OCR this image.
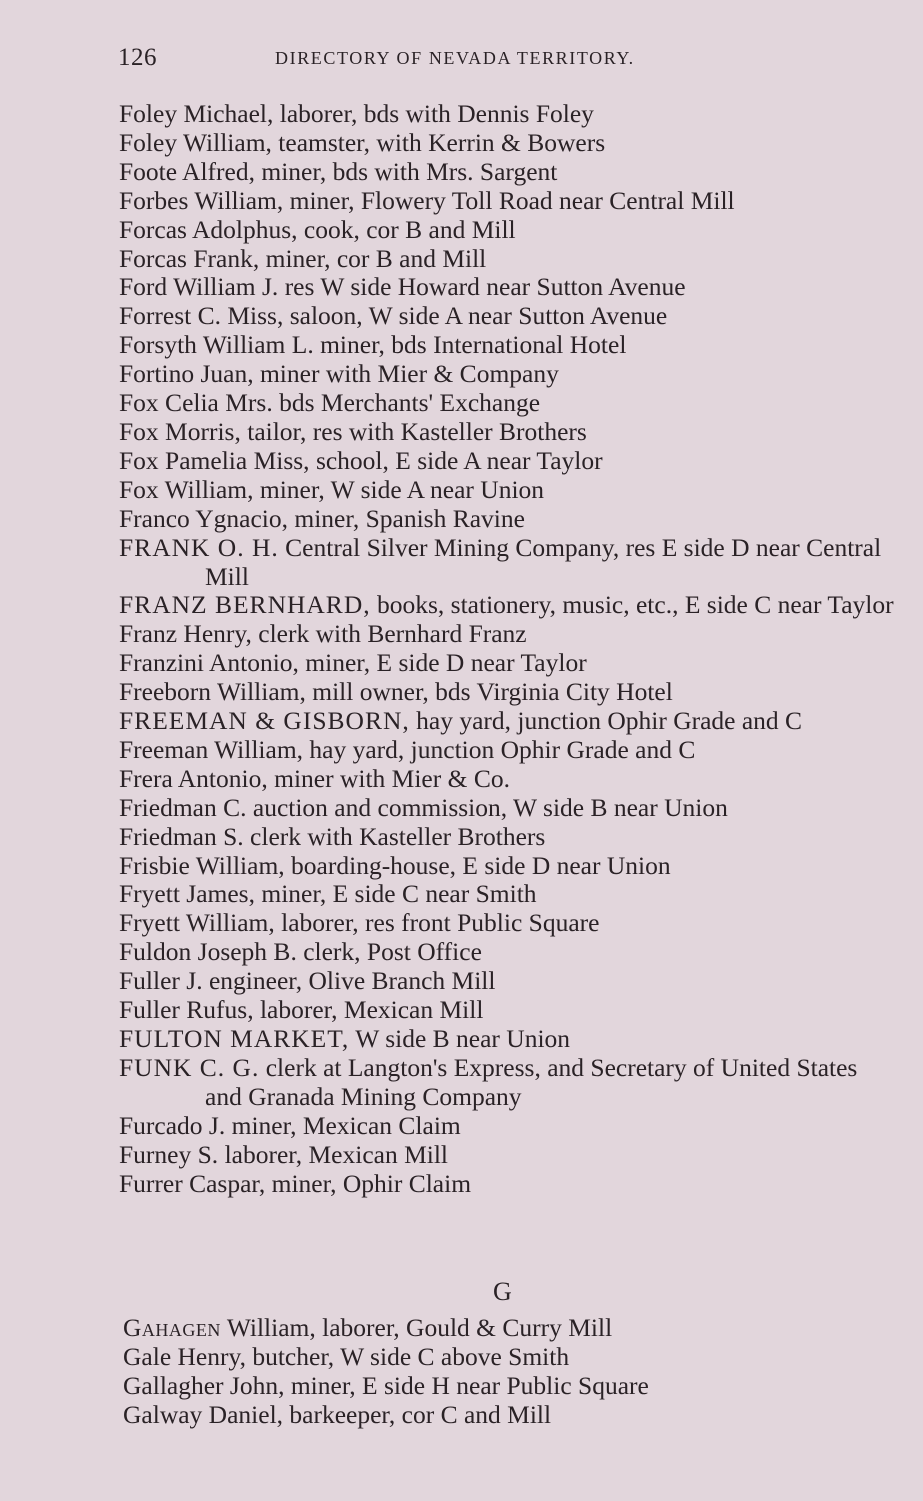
126	DIRECTORY OF NEVADA TERRITORY.
Foley Michael, laborer, bds with Dennis Foley
Foley William, teamster, with Kerrin & Bowers
Foote Alfred, miner, bds with Mrs. Sargent
Forbes William, miner, Flowery Toll Road near Central Mill
Forcas Adolphus, cook, cor B and Mill
Forcas Frank, miner, cor B and Mill
Ford William J. res W side Howard near Sutton Avenue
Forrest C. Miss, saloon, W side A near Sutton Avenue
Forsyth William L. miner, bds International Hotel
Fortino Juan, miner with Mier & Company
Fox Celia Mrs. bds Merchants' Exchange
Fox Morris, tailor, res with Kasteller Brothers
Fox Pamelia Miss, school, E side A near Taylor
Fox William, miner, W side A near Union
Franco Ygnacio, miner, Spanish Ravine
FRANK O. H. Central Silver Mining Company, res E side D near Central Mill
FRANZ BERNHARD, books, stationery, music, etc., E side C near Taylor
Franz Henry, clerk with Bernhard Franz
Franzini Antonio, miner, E side D near Taylor
Freeborn William, mill owner, bds Virginia City Hotel
FREEMAN & GISBORN, hay yard, junction Ophir Grade and C
Freeman William, hay yard, junction Ophir Grade and C
Frera Antonio, miner with Mier & Co.
Friedman C. auction and commission, W side B near Union
Friedman S. clerk with Kasteller Brothers
Frisbie William, boarding-house, E side D near Union
Fryett James, miner, E side C near Smith
Fryett William, laborer, res front Public Square
Fuldon Joseph B. clerk, Post Office
Fuller J. engineer, Olive Branch Mill
Fuller Rufus, laborer, Mexican Mill
FULTON MARKET, W side B near Union
FUNK C. G. clerk at Langton's Express, and Secretary of United States and Granada Mining Company
Furcado J. miner, Mexican Claim
Furney S. laborer, Mexican Mill
Furrer Caspar, miner, Ophir Claim
G
Gahagen William, laborer, Gould & Curry Mill
Gale Henry, butcher, W side C above Smith
Gallagher John, miner, E side H near Public Square
Galway Daniel, barkeeper, cor C and Mill
